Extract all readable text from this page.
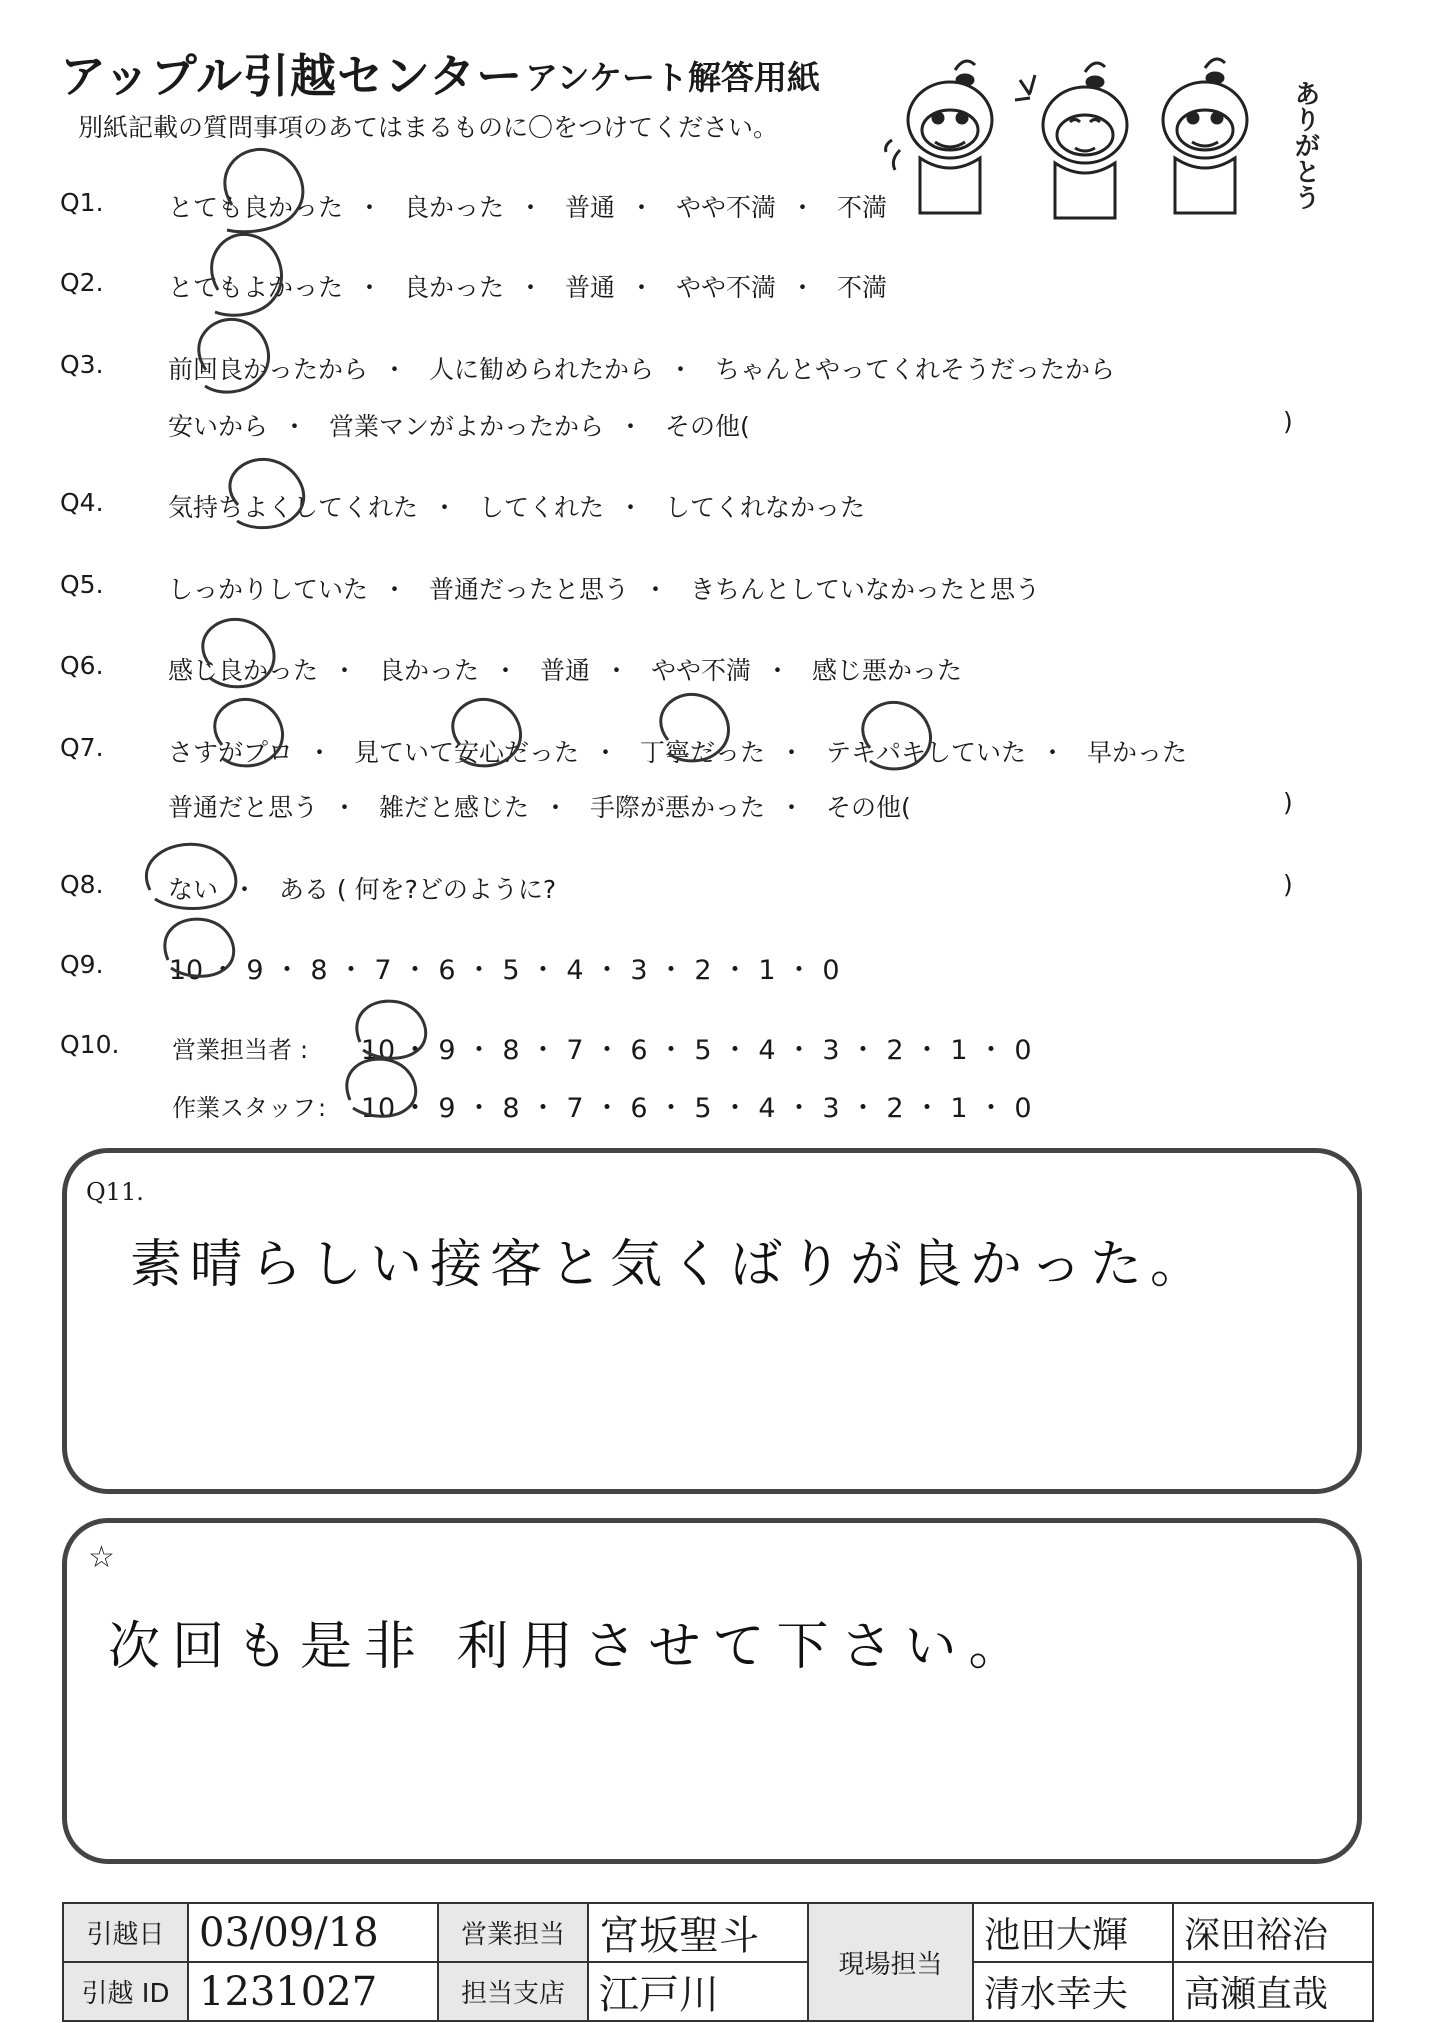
アップル引越センター アンケート解答用紙
別紙記載の質問事項のあてはまるものに〇をつけてください。	ありがとう
Q1.	とても良かった ・ 良かった ・ 普通 ・ やや不満 ・ 不満
Q2.	とてもよかった ・ 良かった ・ 普通 ・ やや不満 ・ 不満
Q3.	前回良かったから ・ 人に勧められたから ・ ちゃんとやってくれそうだったから
安いから ・ 営業マンがよかったから ・ その他(	)
Q4.	気持ちよくしてくれた ・ してくれた ・ してくれなかった
Q5.	しっかりしていた ・ 普通だったと思う ・ きちんとしていなかったと思う
Q6.	感じ良かった ・ 良かった ・ 普通 ・ やや不満 ・ 感じ悪かった
Q7.	さすがプロ ・ 見ていて安心だった ・ 丁寧だった ・ テキパキしていた ・ 早かった
普通だと思う ・ 雑だと感じた ・ 手際が悪かった ・ その他(	)
Q8.	ない ・ ある ( 何を?どのように?	)
Q9. 10 ・ 9 ・ 8 ・ 7 ・ 6 ・ 5 ・ 4 ・ 3 ・ 2 ・ 1 ・ 0
Q10. 営業担当者 : 10 ・ 9 ・ 8 ・ 7 ・ 6 ・ 5 ・ 4 ・ 3 ・ 2 ・ 1 ・ 0
作業スタッフ: 10 ・ 9 ・ 8 ・ 7 ・ 6 ・ 5 ・ 4 ・ 3 ・ 2 ・ 1 ・ 0
Q11.
素晴らしい接客と気くばりが良かった。
☆
次回も是非 利用させて下さい。
引越日	03/09/18	営業担当	宮坂聖斗	現場担当	池田大輝	深田裕治
引越 ID	1231027	担当支店	江戸川		清水幸夫	高瀬直哉
